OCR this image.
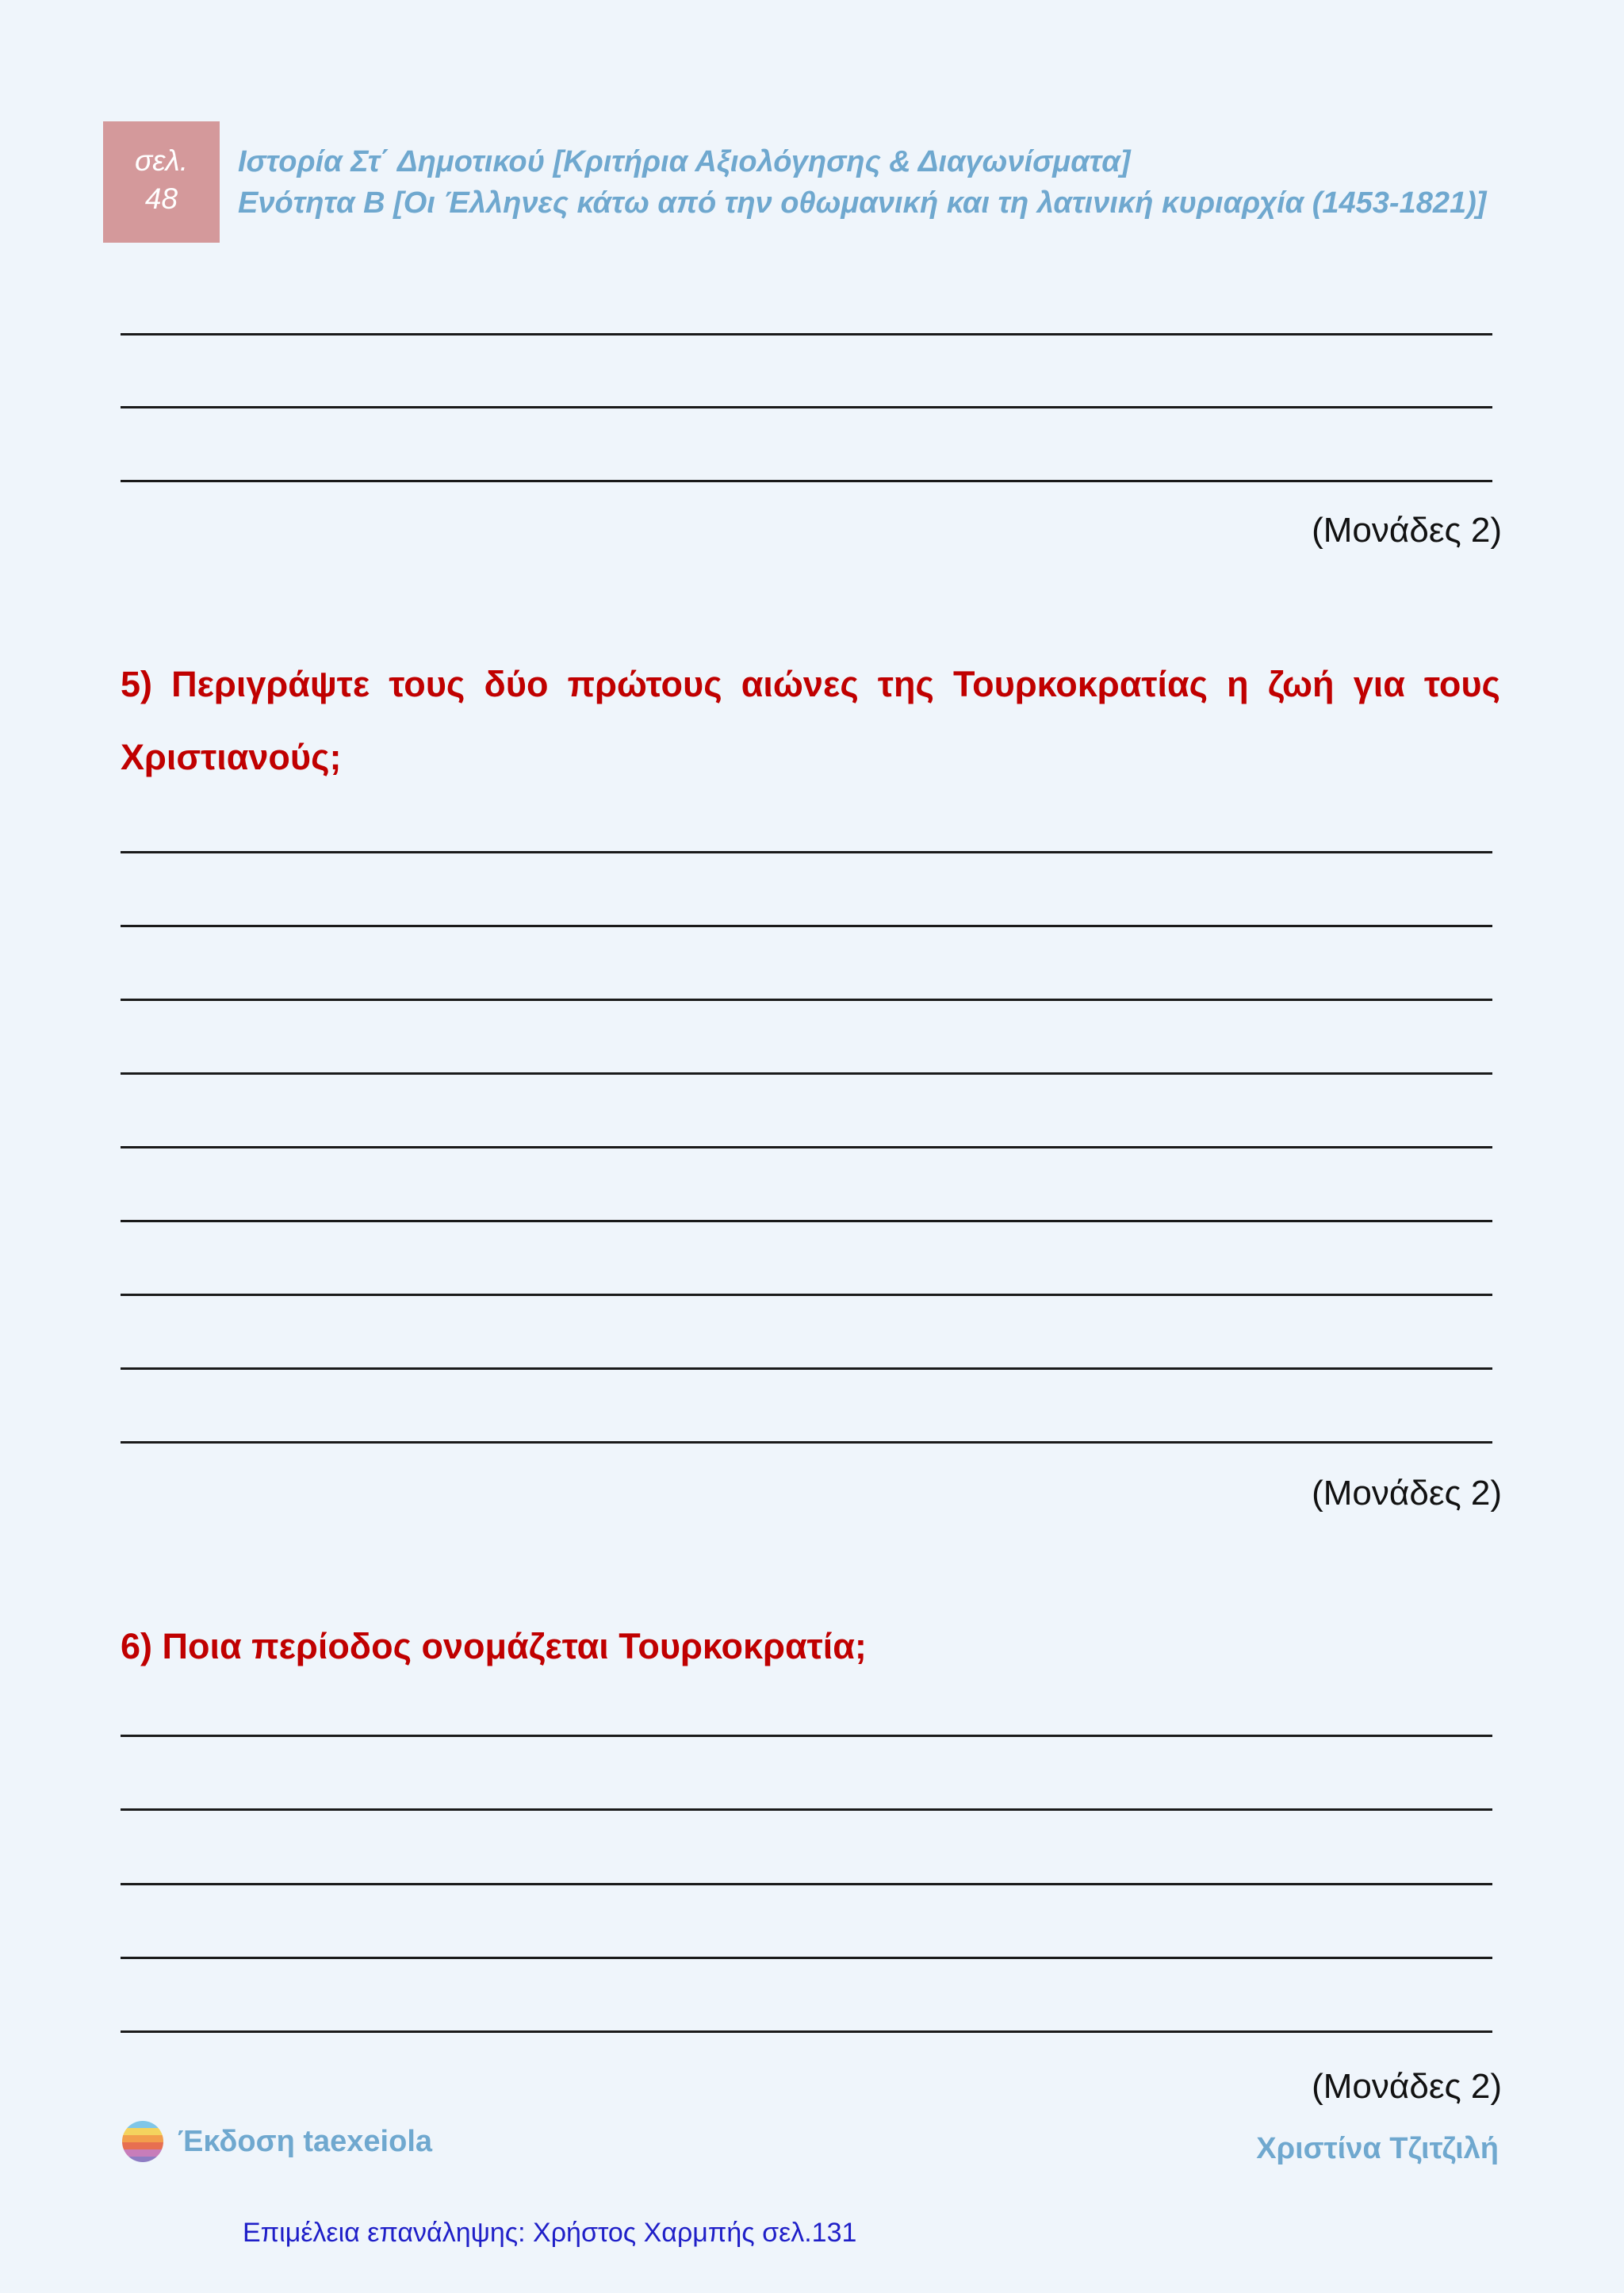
σελ.
48
Ιστορία Στ΄ Δημοτικού [Κριτήρια Αξιολόγησης & Διαγωνίσματα]
Ενότητα Β [Οι Έλληνες κάτω από την οθωμανική και τη λατινική κυριαρχία (1453-1821)]
(Μονάδες 2)
5) Περιγράψτε τους δύο πρώτους αιώνες της Τουρκοκρατίας η ζωή για τους
Χριστιανούς;
(Μονάδες 2)
6) Ποια περίοδος ονομάζεται Τουρκοκρατία;
(Μονάδες 2)
Έκδοση taexeiola	Χριστίνα Τζιτζιλή
Επιμέλεια επανάληψης: Χρήστος Χαρμπής σελ.131
